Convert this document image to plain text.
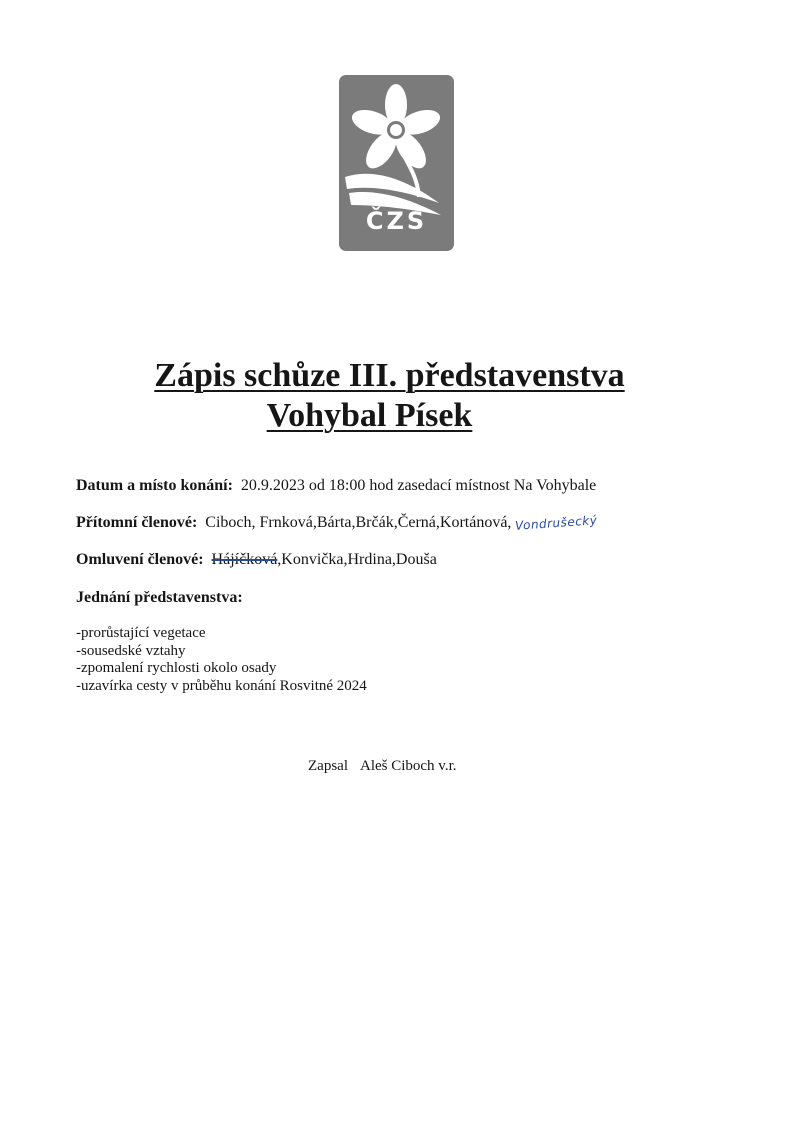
ČZS
Zápis schůze III. představenstva
Vohybal Písek
Datum a místo konání: 20.9.2023 od 18:00 hod zasedací místnost Na Vohybale
Přítomní členové: Ciboch, Frnková,Bárta,Brčák,Černá,Kortánová, Vondrušecký
Omluvení členové: Hájíčková,Konvička,Hrdina,Douša
Jednání představenstva:
-prorůstající vegetace
-sousedské vztahy
-zpomalení rychlosti okolo osady
-uzavírka cesty v průběhu konání Rosvitné 2024
Zapsal Aleš Ciboch v.r.
